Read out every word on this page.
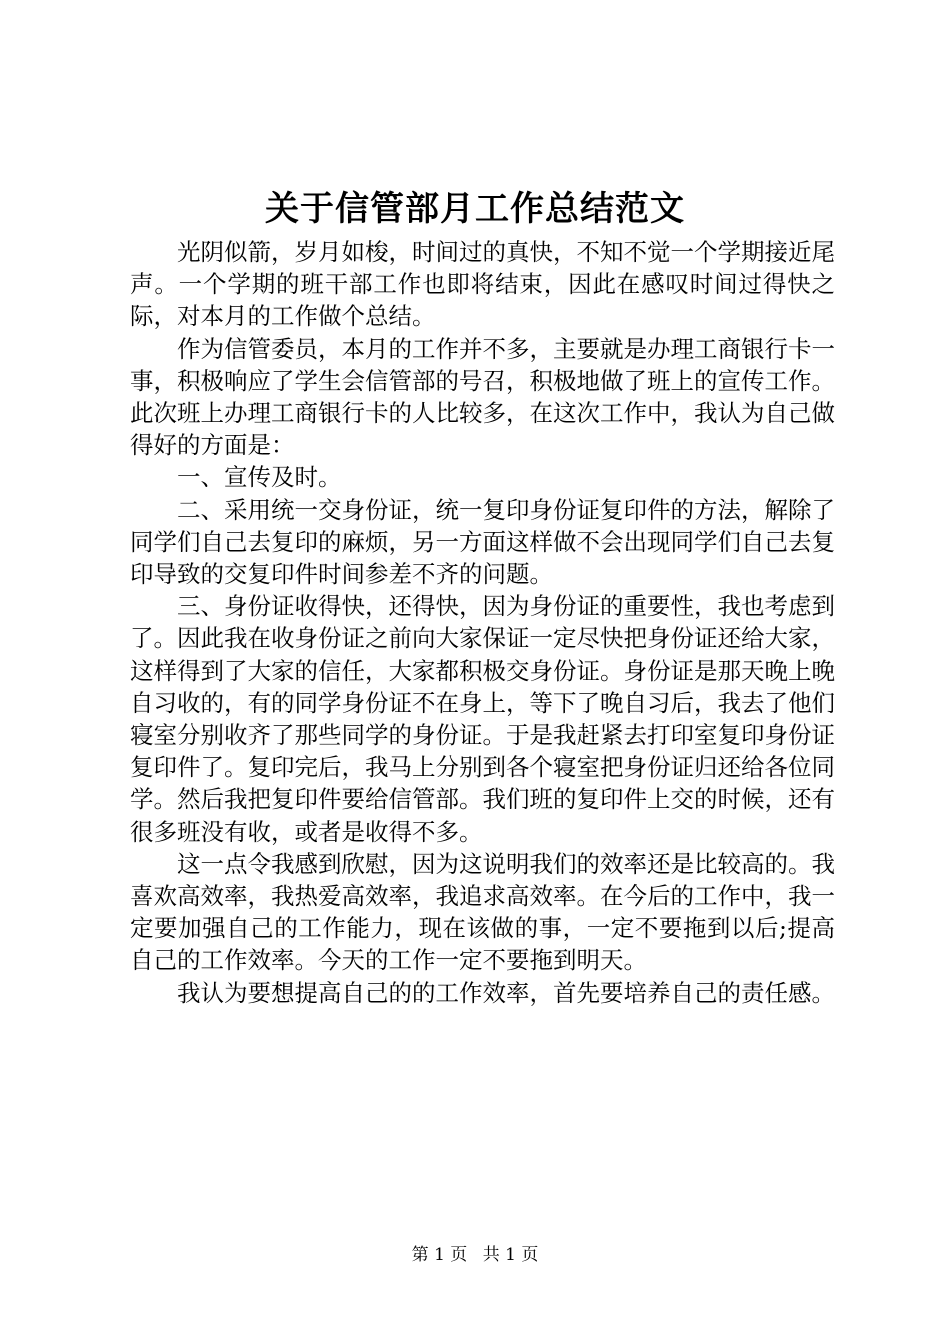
关于信管部月工作总结范文

光阴似箭，岁月如梭，时间过的真快，不知不觉一个学期接近尾声。一个学期的班干部工作也即将结束，因此在感叹时间过得快之际，对本月的工作做个总结。

作为信管委员，本月的工作并不多，主要就是办理工商银行卡一事，积极响应了学生会信管部的号召，积极地做了班上的宣传工作。此次班上办理工商银行卡的人比较多，在这次工作中，我认为自己做得好的方面是：

一、宣传及时。

二、采用统一交身份证，统一复印身份证复印件的方法，解除了同学们自己去复印的麻烦，另一方面这样做不会出现同学们自己去复印导致的交复印件时间参差不齐的问题。

三、身份证收得快，还得快，因为身份证的重要性，我也考虑到了。因此我在收身份证之前向大家保证一定尽快把身份证还给大家，这样得到了大家的信任，大家都积极交身份证。身份证是那天晚上晚自习收的，有的同学身份证不在身上，等下了晚自习后，我去了他们寝室分别收齐了那些同学的身份证。于是我赶紧去打印室复印身份证复印件了。复印完后，我马上分别到各个寝室把身份证归还给各位同学。然后我把复印件要给信管部。我们班的复印件上交的时候，还有很多班没有收，或者是收得不多。

这一点令我感到欣慰，因为这说明我们的效率还是比较高的。我喜欢高效率，我热爱高效率，我追求高效率。在今后的工作中，我一定要加强自己的工作能力，现在该做的事，一定不要拖到以后;提高自己的工作效率。今天的工作一定不要拖到明天。

我认为要想提高自己的的工作效率，首先要培养自己的责任感。

第 1 页 共 1 页
